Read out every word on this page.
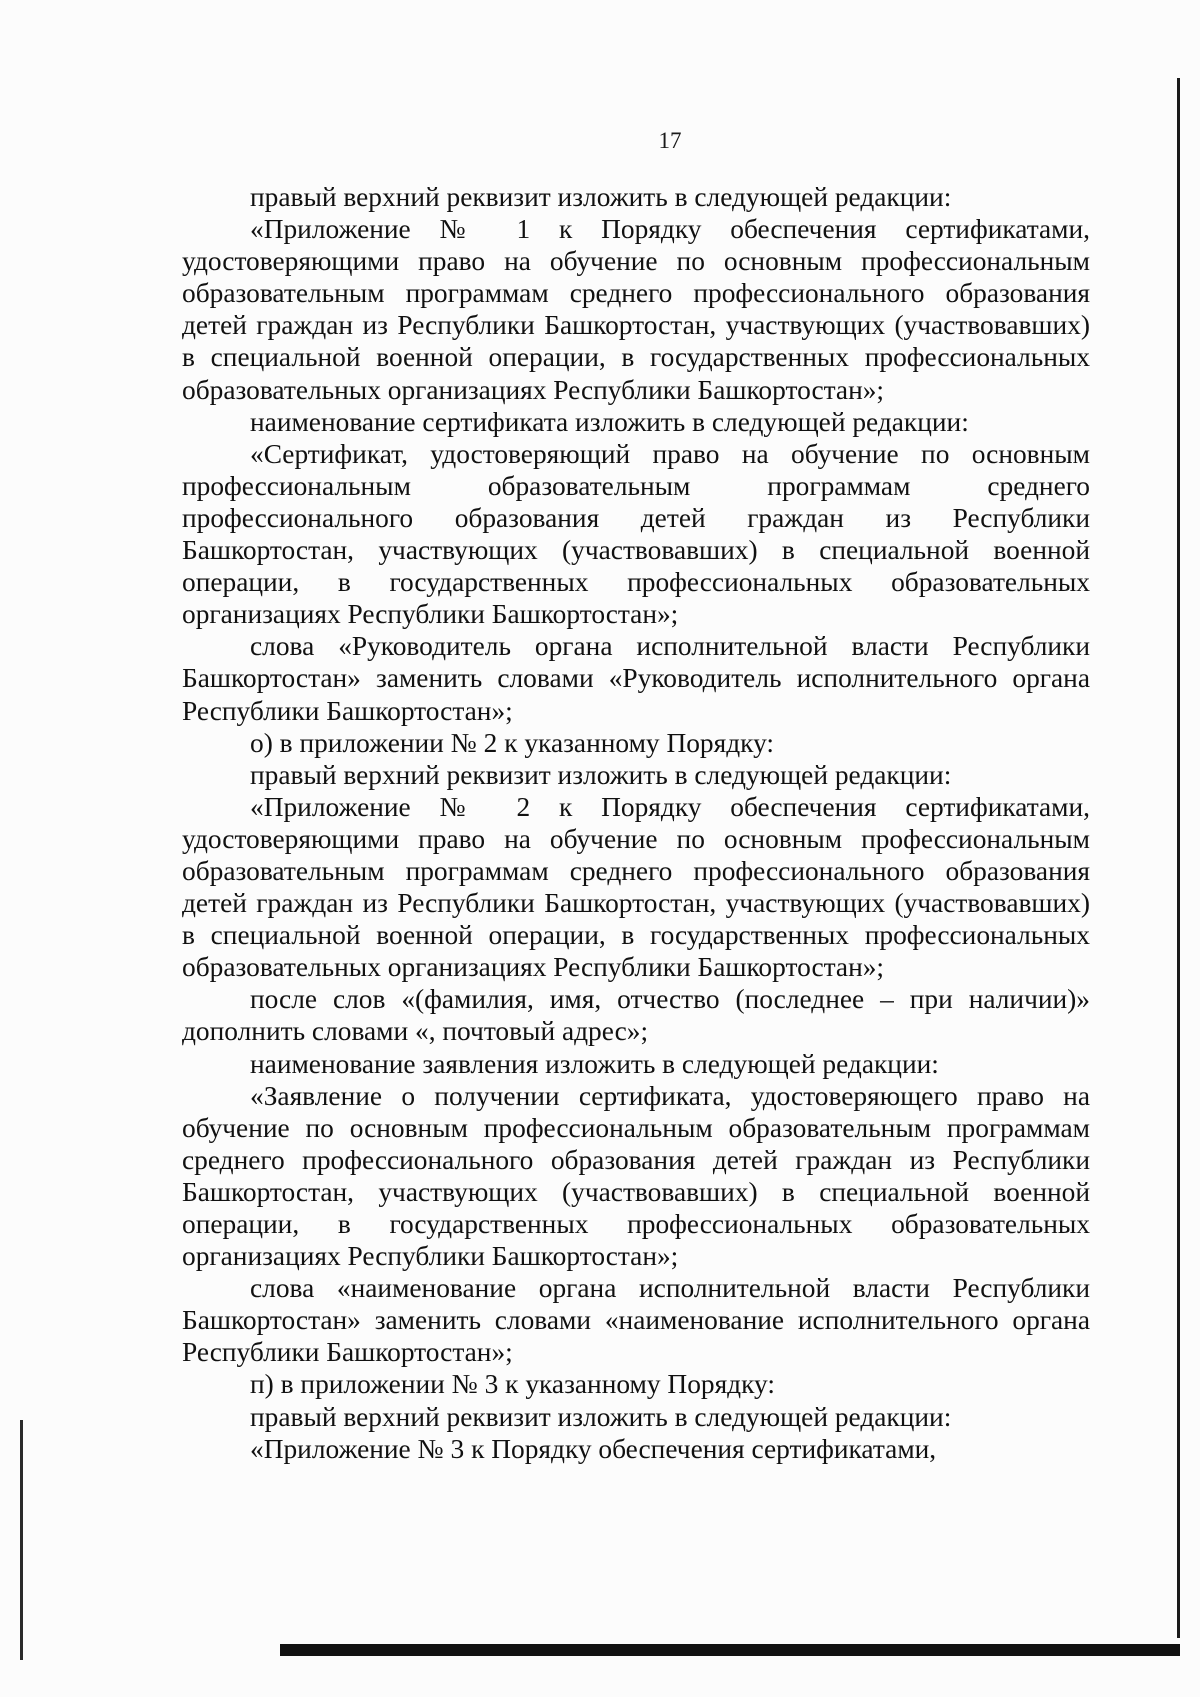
17

правый верхний реквизит изложить в следующей редакции:

«Приложение № 1 к Порядку обеспечения сертификатами, удостоверяющими право на обучение по основным профессиональным образовательным программам среднего профессионального образования детей граждан из Республики Башкортостан, участвующих (участвовавших) в специальной военной операции, в государственных профессиональных образовательных организациях Республики Башкортостан»;

наименование сертификата изложить в следующей редакции:

«Сертификат, удостоверяющий право на обучение по основным профессиональным образовательным программам среднего профессионального образования детей граждан из Республики Башкортостан, участвующих (участвовавших) в специальной военной операции, в государственных профессиональных образовательных организациях Республики Башкортостан»;

слова «Руководитель органа исполнительной власти Республики Башкортостан» заменить словами «Руководитель исполнительного органа Республики Башкортостан»;

о) в приложении № 2 к указанному Порядку:

правый верхний реквизит изложить в следующей редакции:

«Приложение № 2 к Порядку обеспечения сертификатами, удостоверяющими право на обучение по основным профессиональным образовательным программам среднего профессионального образования детей граждан из Республики Башкортостан, участвующих (участвовавших) в специальной военной операции, в государственных профессиональных образовательных организациях Республики Башкортостан»;

после слов «(фамилия, имя, отчество (последнее – при наличии)» дополнить словами «, почтовый адрес»;

наименование заявления изложить в следующей редакции:

«Заявление о получении сертификата, удостоверяющего право на обучение по основным профессиональным образовательным программам среднего профессионального образования детей граждан из Республики Башкортостан, участвующих (участвовавших) в специальной военной операции, в государственных профессиональных образовательных организациях Республики Башкортостан»;

слова «наименование органа исполнительной власти Республики Башкортостан» заменить словами «наименование исполнительного органа Республики Башкортостан»;

п) в приложении № 3 к указанному Порядку:

правый верхний реквизит изложить в следующей редакции:

«Приложение № 3 к Порядку обеспечения сертификатами,
